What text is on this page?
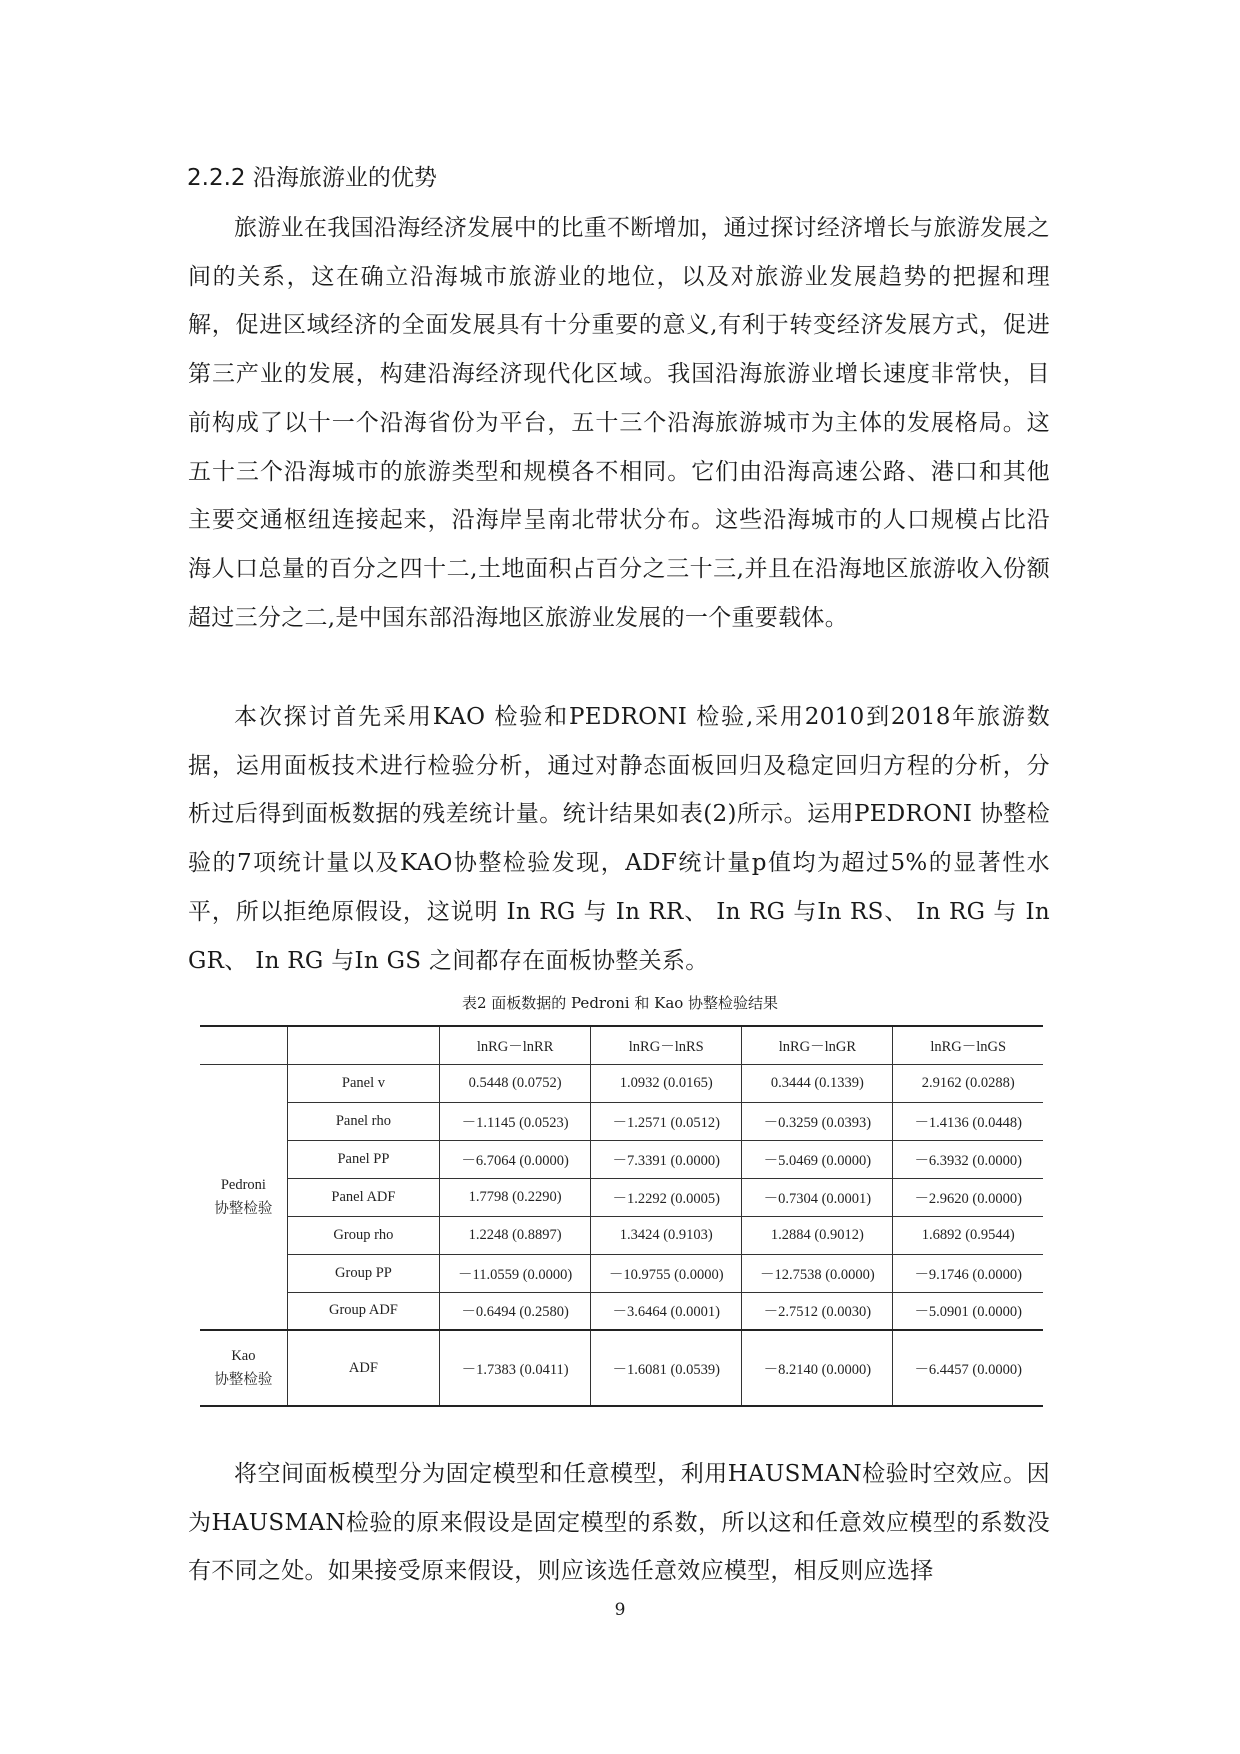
2.2.2 沿海旅游业的优势

旅游业在我国沿海经济发展中的比重不断增加，通过探讨经济增长与旅游发展之间的关系，这在确立沿海城市旅游业的地位，以及对旅游业发展趋势的把握和理解，促进区域经济的全面发展具有十分重要的意义,有利于转变经济发展方式，促进第三产业的发展，构建沿海经济现代化区域。我国沿海旅游业增长速度非常快，目前构成了以十一个沿海省份为平台，五十三个沿海旅游城市为主体的发展格局。这五十三个沿海城市的旅游类型和规模各不相同。它们由沿海高速公路、港口和其他主要交通枢纽连接起来，沿海岸呈南北带状分布。这些沿海城市的人口规模占比沿海人口总量的百分之四十二,土地面积占百分之三十三,并且在沿海地区旅游收入份额超过三分之二,是中国东部沿海地区旅游业发展的一个重要载体。

本次探讨首先采用KAO 检验和PEDRONI 检验,采用2010到2018年旅游数据，运用面板技术进行检验分析，通过对静态面板回归及稳定回归方程的分析，分析过后得到面板数据的残差统计量。统计结果如表(2)所示。运用PEDRONI 协整检验的7项统计量以及KAO协整检验发现，ADF统计量p值均为超过5%的显著性水平，所以拒绝原假设，这说明 In RG 与 In RR、 In RG 与In RS、 In RG 与 In GR、 In RG 与In GS 之间都存在面板协整关系。

表2 面板数据的 Pedroni 和 Kao 协整检验结果
		lnRG－lnRR	lnRG－lnRS	lnRG－lnGR	lnRG－lnGS
Pedroni
协整检验	Panel v	0.5448 (0.0752)	1.0932 (0.0165)	0.3444 (0.1339)	2.9162 (0.0288)
	Panel rho	－1.1145 (0.0523)	－1.2571 (0.0512)	－0.3259 (0.0393)	－1.4136 (0.0448)
	Panel PP	－6.7064 (0.0000)	－7.3391 (0.0000)	－5.0469 (0.0000)	－6.3932 (0.0000)
	Panel ADF	1.7798 (0.2290)	－1.2292 (0.0005)	－0.7304 (0.0001)	－2.9620 (0.0000)
	Group rho	1.2248 (0.8897)	1.3424 (0.9103)	1.2884 (0.9012)	1.6892 (0.9544)
	Group PP	－11.0559 (0.0000)	－10.9755 (0.0000)	－12.7538 (0.0000)	－9.1746 (0.0000)
	Group ADF	－0.6494 (0.2580)	－3.6464 (0.0001)	－2.7512 (0.0030)	－5.0901 (0.0000)
Kao
协整检验	ADF	－1.7383 (0.0411)	－1.6081 (0.0539)	－8.2140 (0.0000)	－6.4457 (0.0000)

将空间面板模型分为固定模型和任意模型，利用HAUSMAN检验时空效应。因为HAUSMAN检验的原来假设是固定模型的系数，所以这和任意效应模型的系数没有不同之处。如果接受原来假设，则应该选任意效应模型，相反则应选择

9
